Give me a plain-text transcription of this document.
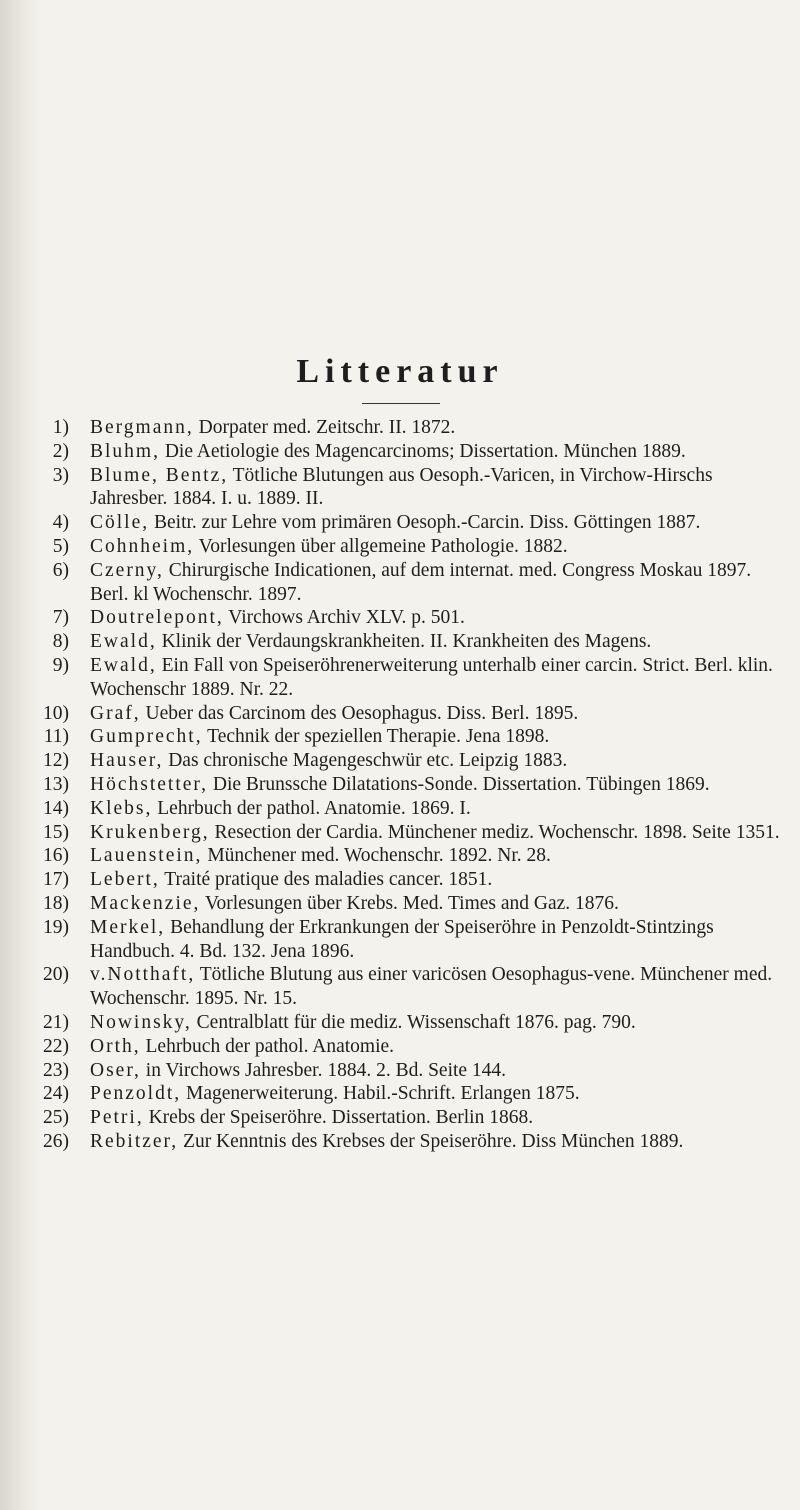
Litteratur
1) Bergmann, Dorpater med. Zeitschr. II. 1872.
2) Bluhm, Die Aetiologie des Magencarcinoms; Dissertation. München 1889.
3) Blume, Bentz, Tötliche Blutungen aus Oesoph.-Varicen, in Virchow-Hirschs Jahresber. 1884. I. u. 1889. II.
4) Cölle, Beitr. zur Lehre vom primären Oesoph.-Carcin. Diss. Göttingen 1887.
5) Cohnheim, Vorlesungen über allgemeine Pathologie. 1882.
6) Czerny, Chirurgische Indicationen, auf dem internat. med. Congress Moskau 1897. Berl. kl Wochenschr. 1897.
7) Doutrelepont, Virchows Archiv XLV. p. 501.
8) Ewald, Klinik der Verdaungskrankheiten. II. Krankheiten des Magens.
9) Ewald, Ein Fall von Speiseröhrenerweiterung unterhalb einer carcin. Strict. Berl. klin. Wochenschr 1889. Nr. 22.
10) Graf, Ueber das Carcinom des Oesophagus. Diss. Berl. 1895.
11) Gumprecht, Technik der speziellen Therapie. Jena 1898.
12) Hauser, Das chronische Magengeschwür etc. Leipzig 1883.
13) Höchstetter, Die Brunssche Dilatations-Sonde. Dissertation. Tübingen 1869.
14) Klebs, Lehrbuch der pathol. Anatomie. 1869. I.
15) Krukenberg, Resection der Cardia. Münchener mediz. Wochenschr. 1898. Seite 1351.
16) Lauenstein, Münchener med. Wochenschr. 1892. Nr. 28.
17) Lebert, Traité pratique des maladies cancer. 1851.
18) Mackenzie, Vorlesungen über Krebs. Med. Times and Gaz. 1876.
19) Merkel, Behandlung der Erkrankungen der Speiseröhre in Penzoldt-Stintzings Handbuch. 4. Bd. 132. Jena 1896.
20) v.Notthaft, Tötliche Blutung aus einer varicösen Oesophagus-vene. Münchener med. Wochenschr. 1895. Nr. 15.
21) Nowinsky, Centralblatt für die mediz. Wissenschaft 1876. pag. 790.
22) Orth, Lehrbuch der pathol. Anatomie.
23) Oser, in Virchows Jahresber. 1884. 2. Bd. Seite 144.
24) Penzoldt, Magenerweiterung. Habil.-Schrift. Erlangen 1875.
25) Petri, Krebs der Speiseröhre. Dissertation. Berlin 1868.
26) Rebitzer, Zur Kenntnis des Krebses der Speiseröhre. Diss München 1889.
